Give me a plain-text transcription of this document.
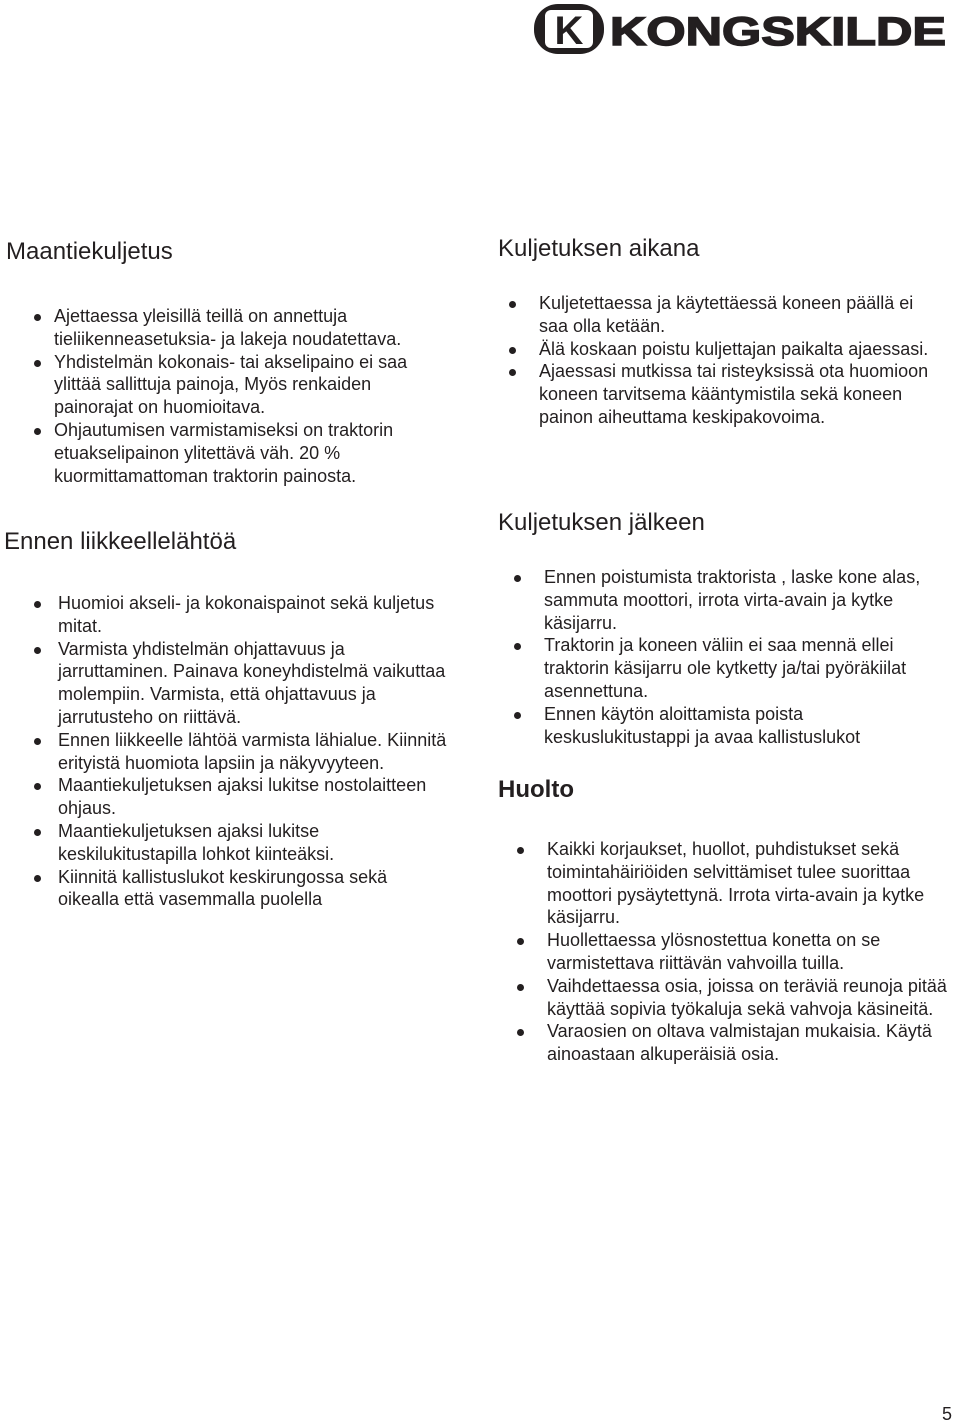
K KONGSKILDE
Maantiekuljetus
Ajettaessa yleisillä teillä on annettuja tieliikenneasetuksia- ja lakeja noudatettava.
Yhdistelmän kokonais- tai akselipaino ei saa ylittää sallittuja painoja, Myös renkaiden painorajat on huomioitava.
Ohjautumisen varmistamiseksi on traktorin etuakselipainon ylitettävä väh. 20 % kuormittamattoman traktorin painosta.
Ennen liikkeellelähtöä
Huomioi akseli- ja kokonaispainot sekä kuljetus mitat.
Varmista yhdistelmän ohjattavuus ja jarruttaminen. Painava koneyhdistelmä vaikuttaa molempiin. Varmista, että ohjattavuus ja jarrutusteho on riittävä.
Ennen liikkeelle lähtöä varmista lähialue. Kiinnitä erityistä huomiota lapsiin ja näkyvyyteen.
Maantiekuljetuksen ajaksi lukitse nostolaitteen ohjaus.
Maantiekuljetuksen ajaksi lukitse keskilukitustapilla lohkot kiinteäksi.
Kiinnitä kallistuslukot keskirungossa sekä oikealla että vasemmalla puolella
Kuljetuksen aikana
Kuljetettaessa ja käytettäessä koneen päällä ei saa olla ketään.
Älä koskaan poistu kuljettajan paikalta ajaessasi.
Ajaessasi mutkissa tai risteyksissä ota huomioon koneen tarvitsema kääntymistila sekä koneen painon aiheuttama keskipakovoima.
Kuljetuksen jälkeen
Ennen poistumista traktorista , laske kone alas, sammuta moottori, irrota virta-avain ja kytke käsijarru.
Traktorin ja koneen väliin ei saa mennä ellei traktorin käsijarru ole kytketty ja/tai pyöräkiilat asennettuna.
Ennen käytön aloittamista poista keskuslukitustappi ja avaa kallistuslukot
Huolto
Kaikki korjaukset, huollot, puhdistukset sekä toimintahäiriöiden selvittämiset tulee suorittaa moottori pysäytettynä. Irrota virta-avain ja kytke käsijarru.
Huollettaessa ylösnostettua konetta on se varmistettava riittävän vahvoilla tuilla.
Vaihdettaessa osia, joissa on teräviä reunoja pitää käyttää sopivia työkaluja sekä vahvoja käsineitä.
Varaosien on oltava valmistajan mukaisia. Käytä ainoastaan alkuperäisiä osia.

5
